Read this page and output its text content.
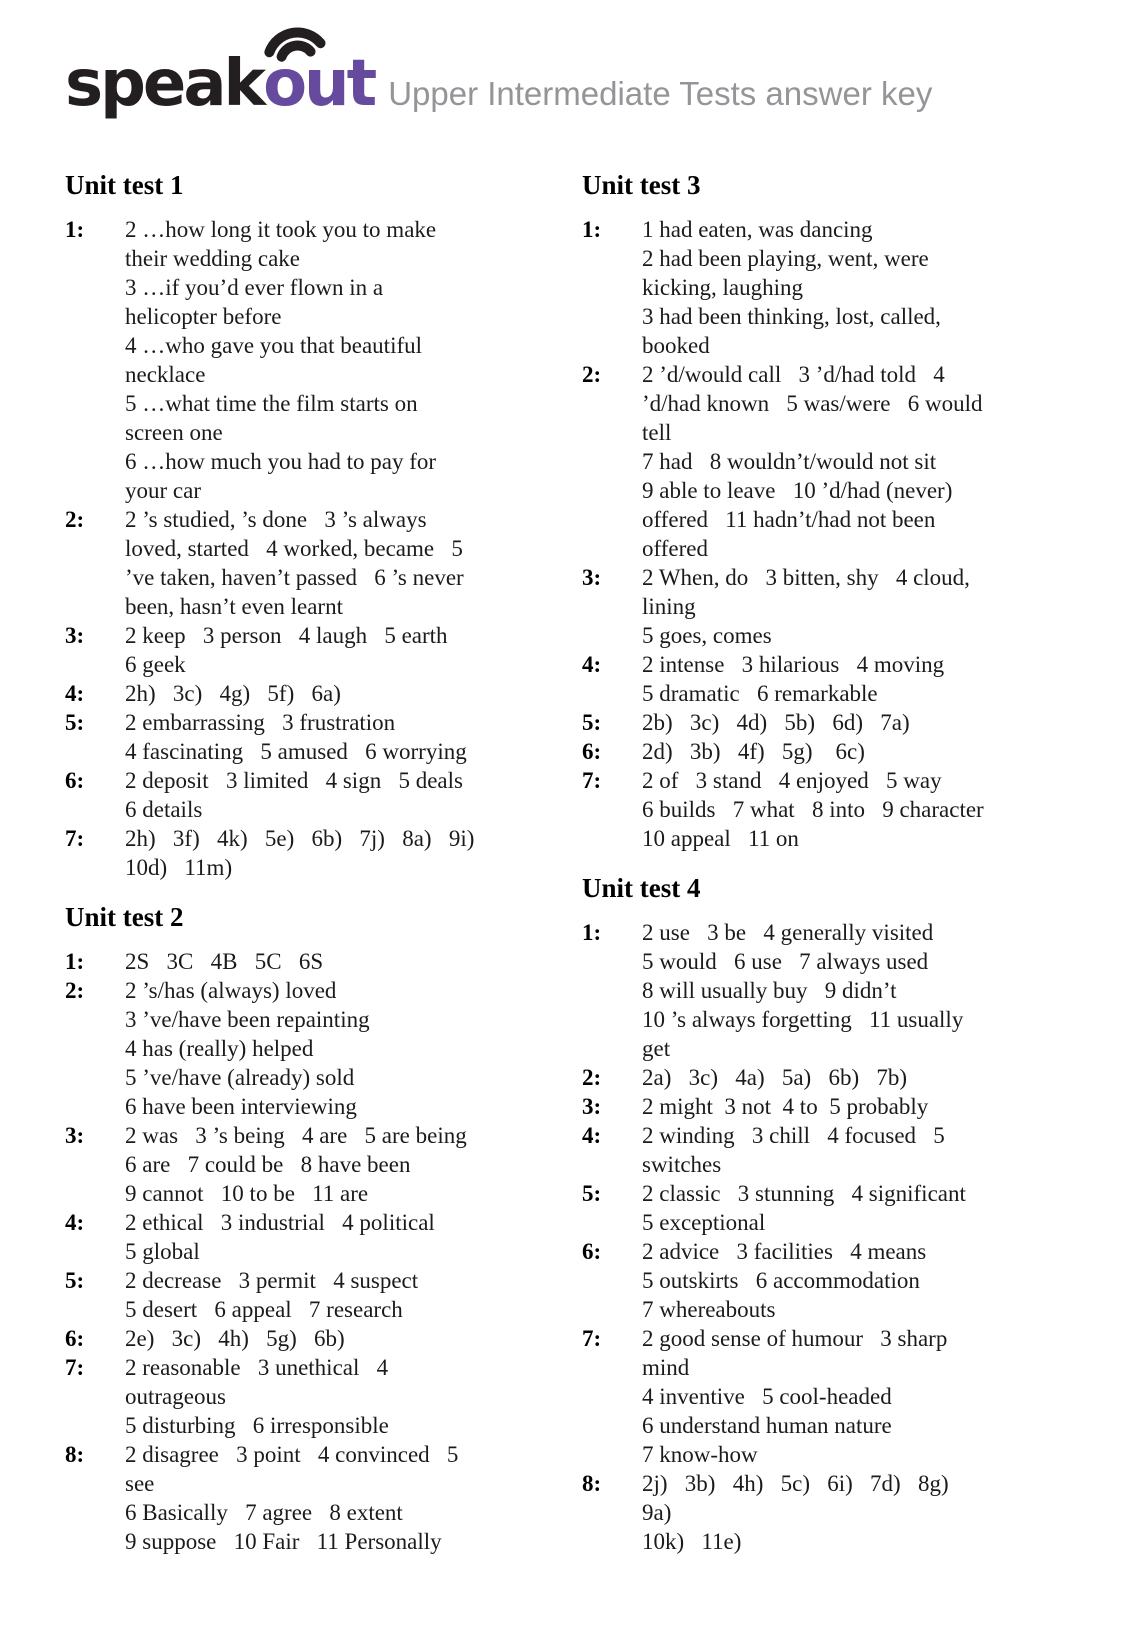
speak out Upper Intermediate Tests answer key
Unit test 1
1:	2 …how long it took you to make
their wedding cake
3 …if you’d ever flown in a
helicopter before
4 …who gave you that beautiful
necklace
5 …what time the film starts on
screen one
6 …how much you had to pay for
your car
2:	2 ’s studied, ’s done   3 ’s always
loved, started   4 worked, became   5
’ve taken, haven’t passed   6 ’s never
been, hasn’t even learnt
3:	2 keep   3 person   4 laugh   5 earth
6 geek
4:	2h)   3c)   4g)   5f)   6a)
5:	2 embarrassing   3 frustration
4 fascinating   5 amused   6 worrying
6:	2 deposit   3 limited   4 sign   5 deals
6 details
7:	2h)   3f)   4k)   5e)   6b)   7j)   8a)   9i)
10d)   11m)
Unit test 2
1:	2S   3C   4B   5C   6S
2:	2 ’s/has (always) loved
3 ’ve/have been repainting
4 has (really) helped
5 ’ve/have (already) sold
6 have been interviewing
3:	2 was   3 ’s being   4 are   5 are being
6 are   7 could be   8 have been
9 cannot   10 to be   11 are
4:	2 ethical   3 industrial   4 political
5 global
5:	2 decrease   3 permit   4 suspect
5 desert   6 appeal   7 research
6:	2e)   3c)   4h)   5g)   6b)
7:	2 reasonable   3 unethical   4
outrageous
5 disturbing   6 irresponsible
8:	2 disagree   3 point   4 convinced   5
see
6 Basically   7 agree   8 extent
9 suppose   10 Fair   11 Personally
Unit test 3
1:	1 had eaten, was dancing
2 had been playing, went, were
kicking, laughing
3 had been thinking, lost, called,
booked
2:	2 ’d/would call   3 ’d/had told   4
’d/had known   5 was/were   6 would
tell
7 had   8 wouldn’t/would not sit
9 able to leave   10 ’d/had (never)
offered   11 hadn’t/had not been
offered
3:	2 When, do   3 bitten, shy   4 cloud,
lining
5 goes, comes
4:	2 intense   3 hilarious   4 moving
5 dramatic   6 remarkable
5:	2b)   3c)   4d)   5b)   6d)   7a)
6:	2d)   3b)   4f)   5g)    6c)
7:	2 of   3 stand   4 enjoyed   5 way
6 builds   7 what   8 into   9 character
10 appeal   11 on
Unit test 4
1:	2 use   3 be   4 generally visited
5 would   6 use   7 always used
8 will usually buy   9 didn’t
10 ’s always forgetting   11 usually
get
2:	2a)   3c)   4a)   5a)   6b)   7b)
3:	2 might  3 not  4 to  5 probably
4:	2 winding   3 chill   4 focused   5
switches
5:	2 classic   3 stunning   4 significant
5 exceptional
6:	2 advice   3 facilities   4 means
5 outskirts   6 accommodation
7 whereabouts
7:	2 good sense of humour   3 sharp
mind
4 inventive   5 cool-headed
6 understand human nature
7 know-how
8:	2j)   3b)   4h)   5c)   6i)   7d)   8g)
9a)
10k)   11e)
